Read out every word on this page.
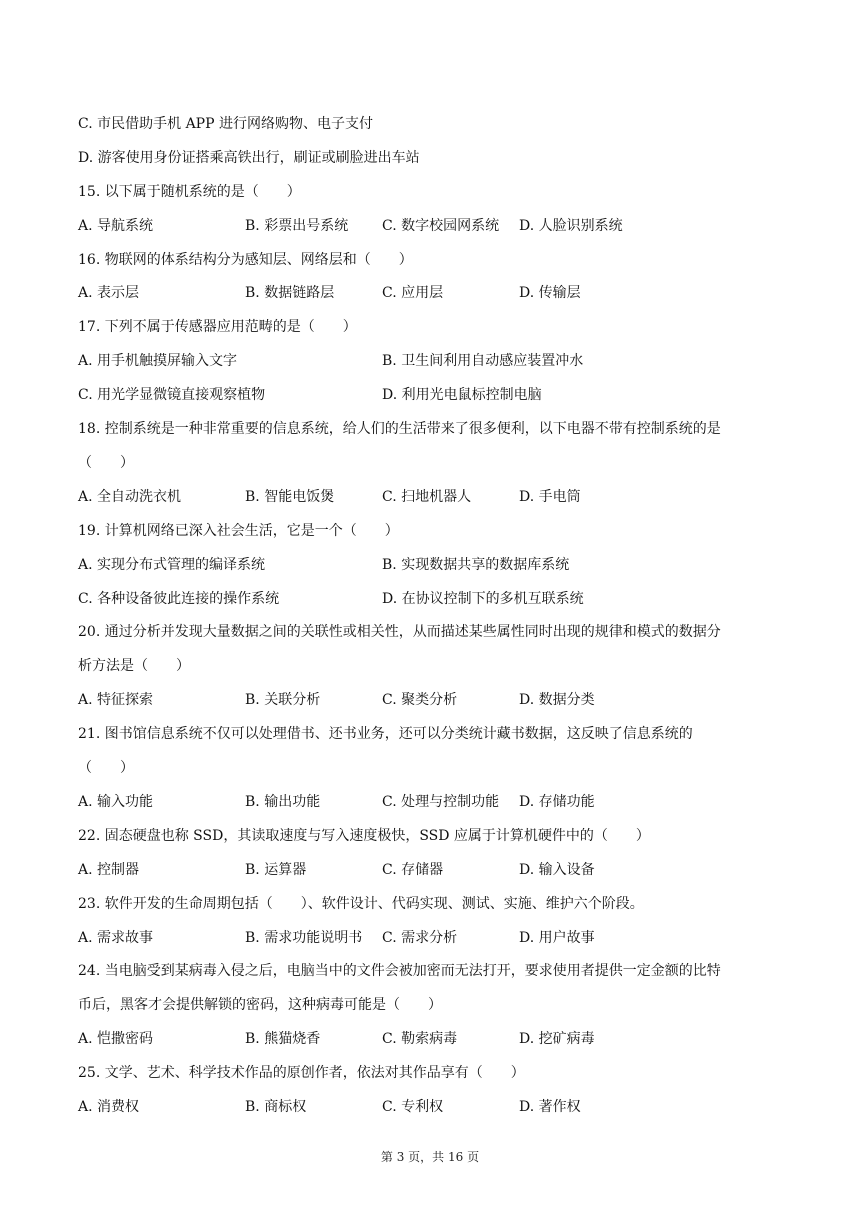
C. 市民借助手机 APP 进行网络购物、电子支付
D. 游客使用身份证搭乘高铁出行，刷证或刷脸进出车站
15. 以下属于随机系统的是（　　）
A. 导航系统	B. 彩票出号系统	C. 数字校园网系统	D. 人脸识别系统
16. 物联网的体系结构分为感知层、网络层和（　　）
A. 表示层	B. 数据链路层	C. 应用层	D. 传输层
17. 下列不属于传感器应用范畴的是（　　）
A. 用手机触摸屏输入文字	B. 卫生间利用自动感应装置冲水
C. 用光学显微镜直接观察植物	D. 利用光电鼠标控制电脑
18. 控制系统是一种非常重要的信息系统，给人们的生活带来了很多便利，以下电器不带有控制系统的是
（　　）
A. 全自动洗衣机	B. 智能电饭煲	C. 扫地机器人	D. 手电筒
19. 计算机网络已深入社会生活，它是一个（　　）
A. 实现分布式管理的编译系统	B. 实现数据共享的数据库系统
C. 各种设备彼此连接的操作系统	D. 在协议控制下的多机互联系统
20. 通过分析并发现大量数据之间的关联性或相关性，从而描述某些属性同时出现的规律和模式的数据分
析方法是（　　）
A. 特征探索	B. 关联分析	C. 聚类分析	D. 数据分类
21. 图书馆信息系统不仅可以处理借书、还书业务，还可以分类统计藏书数据，这反映了信息系统的
（　　）
A. 输入功能	B. 输出功能	C. 处理与控制功能	D. 存储功能
22. 固态硬盘也称 SSD，其读取速度与写入速度极快，SSD 应属于计算机硬件中的（　　）
A. 控制器	B. 运算器	C. 存储器	D. 输入设备
23. 软件开发的生命周期包括（　　）、软件设计、代码实现、测试、实施、维护六个阶段。
A. 需求故事	B. 需求功能说明书	C. 需求分析	D. 用户故事
24. 当电脑受到某病毒入侵之后，电脑当中的文件会被加密而无法打开，要求使用者提供一定金额的比特
币后，黑客才会提供解锁的密码，这种病毒可能是（　　）
A. 恺撒密码	B. 熊猫烧香	C. 勒索病毒	D. 挖矿病毒
25. 文学、艺术、科学技术作品的原创作者，依法对其作品享有（　　）
A. 消费权	B. 商标权	C. 专利权	D. 著作权
第 3 页，共 16 页
